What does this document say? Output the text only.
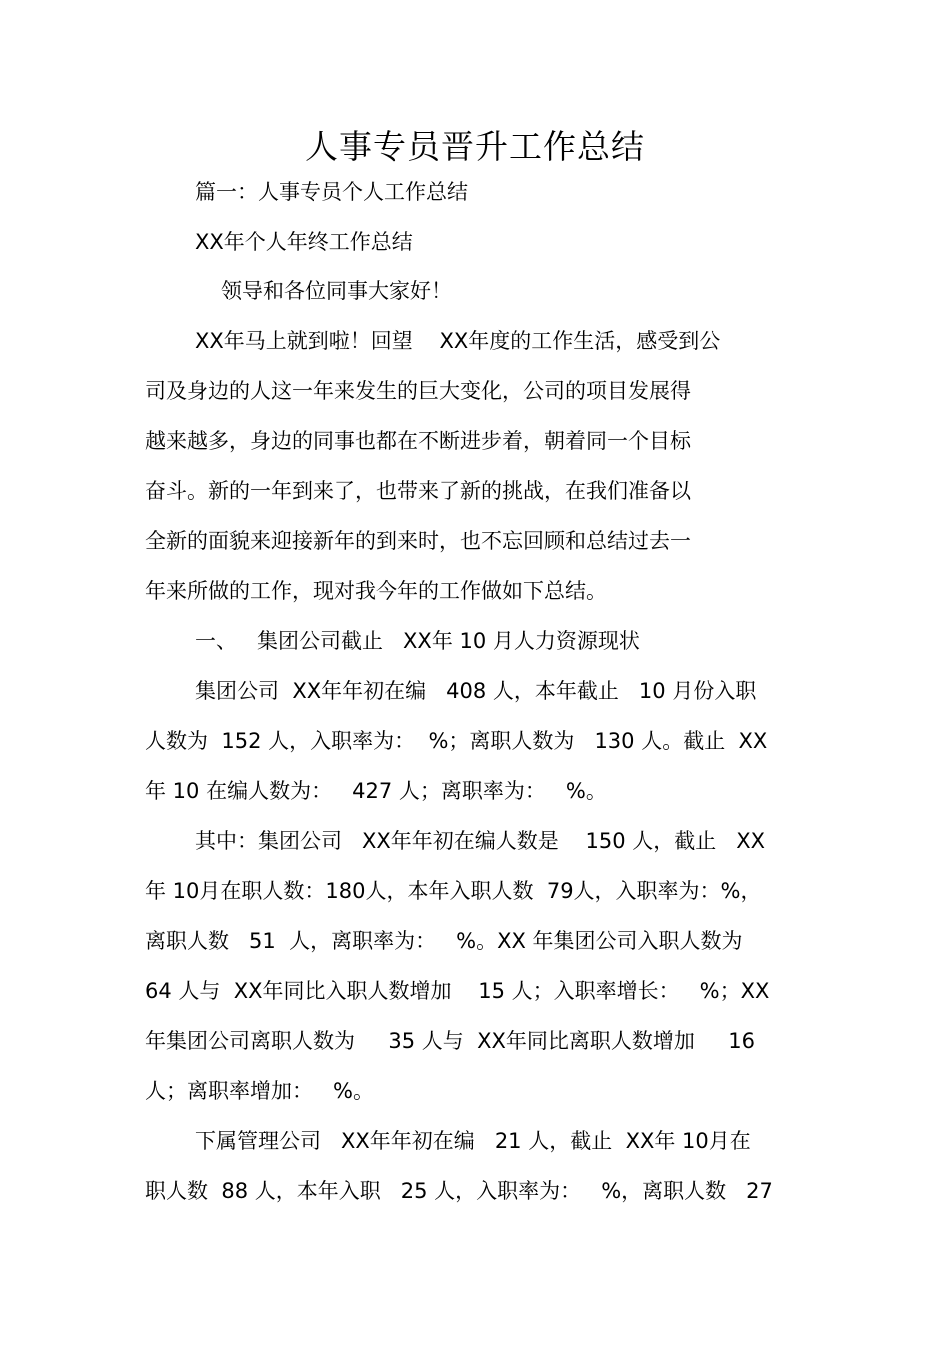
人事专员晋升工作总结

篇一：人事专员个人工作总结

XX年个人年终工作总结

领导和各位同事大家好！

XX年马上就到啦！回望    XX年度的工作生活，感受到公

司及身边的人这一年来发生的巨大变化，公司的项目发展得

越来越多，身边的同事也都在不断进步着，朝着同一个目标

奋斗。新的一年到来了，也带来了新的挑战，在我们准备以

全新的面貌来迎接新年的到来时，也不忘回顾和总结过去一

年来所做的工作，现对我今年的工作做如下总结。

一、   集团公司截止   XX年 10 月人力资源现状

集团公司  XX年年初在编   408 人，本年截止   10 月份入职

人数为  152 人，入职率为：  %；离职人数为   130 人。截止  XX

年 10 在编人数为：   427 人；离职率为：   %。

其中：集团公司   XX年年初在编人数是    150 人，截止   XX

年 10月在职人数：180人，本年入职人数  79人，入职率为：%，

离职人数   51  人，离职率为：   %。XX 年集团公司入职人数为

64 人与  XX年同比入职人数增加    15 人；入职率增长：   %；XX

年集团公司离职人数为     35 人与  XX年同比离职人数增加     16

人；离职率增加：   %。

下属管理公司   XX年年初在编   21 人，截止  XX年 10月在

职人数  88 人，本年入职   25 人，入职率为：   %，离职人数   27
